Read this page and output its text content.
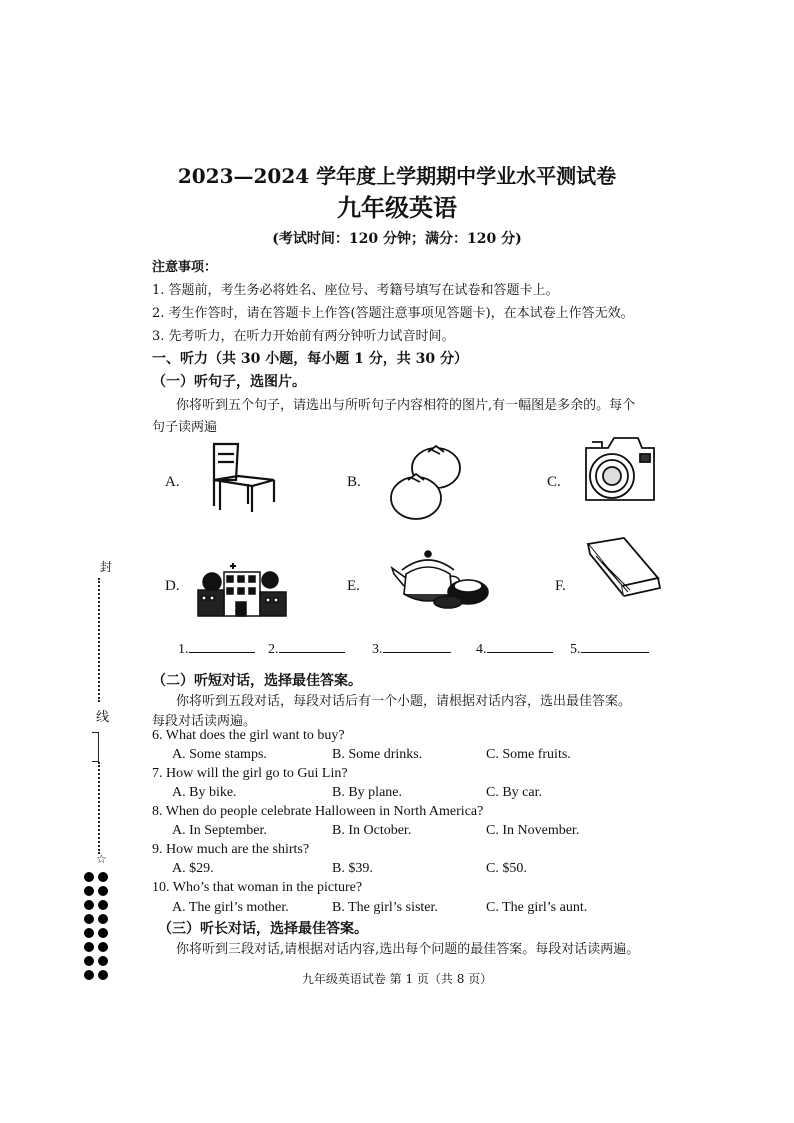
2023—2024 学年度上学期期中学业水平测试卷
九年级英语
(考试时间：120 分钟；满分：120 分)
注意事项：
1. 答题前，考生务必将姓名、座位号、考籍号填写在试卷和答题卡上。
2. 考生作答时，请在答题卡上作答(答题注意事项见答题卡)，在本试卷上作答无效。
3. 先考听力，在听力开始前有两分钟听力试音时间。
一、听力（共 30 小题，每小题 1 分，共 30 分）
（一）听句子，选图片。
你将听到五个句子，请选出与所听句子内容相符的图片,有一幅图是多余的。每个
句子读两遍
A.	B.	C.
D.	E.	F.
1.	2.	3.	4.	5.
（二）听短对话，选择最佳答案。
你将听到五段对话，每段对话后有一个小题，请根据对话内容，选出最佳答案。
每段对话读两遍。
6. What does the girl want to buy?
A. Some stamps.	B. Some drinks.	C. Some fruits.
7. How will the girl go to Gui Lin?
A. By bike.	B. By plane.	C. By car.
8. When do people celebrate Halloween in North America?
A. In September.	B. In October.	C. In November.
9. How much are the shirts?
A. $29.	B. $39.	C. $50.
10. Who’s that woman in the picture?
A. The girl’s mother.	B. The girl’s sister.	C. The girl’s aunt.
（三）听长对话，选择最佳答案。
你将听到三段对话,请根据对话内容,选出每个问题的最佳答案。每段对话读两遍。
九年级英语试卷 第 1 页（共 8 页）
封
线
☆
